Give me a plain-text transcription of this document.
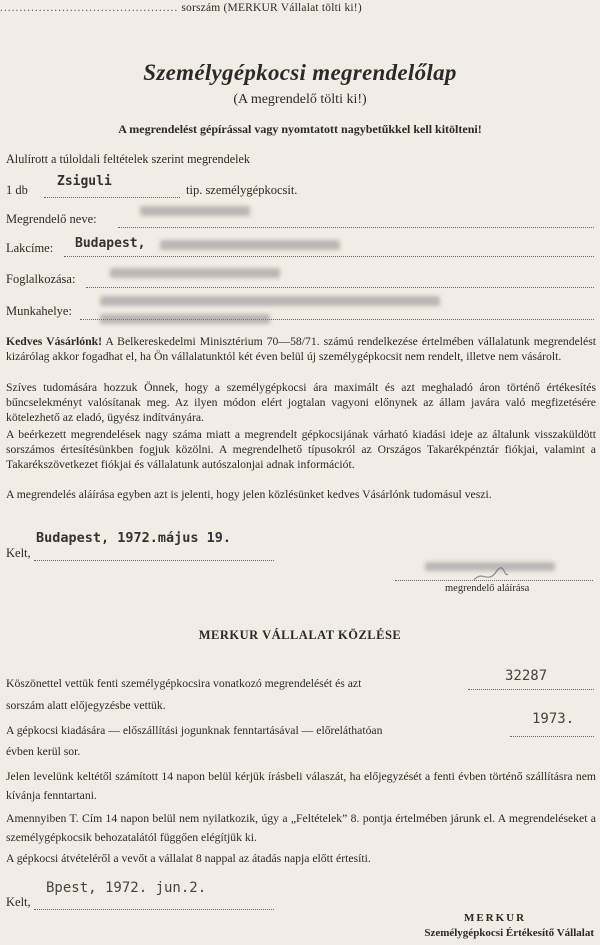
.............................................. sorszám (MERKUR Vállalat tölti ki!)
Személygépkocsi megrendelőlap
(A megrendelő tölti ki!)
A megrendelést gépírással vagy nyomtatott nagybetűkkel kell kitölteni!
Alulírott a túloldali feltételek szerint megrendelek
1 db
Zsiguli
tip. személygépkocsit.
Megrendelő neve:
Lakcíme: Budapest,
Foglalkozása:
Munkahelye:
Kedves Vásárlónk! A Belkereskedelmi Minisztérium 70—58/71. számú rendelkezése értelmében vállalatunk megrendelést kizárólag akkor fogadhat el, ha Ön vállalatunktól két éven belül új személygépkocsit nem rendelt, illetve nem vásárolt.
Szíves tudomására hozzuk Önnek, hogy a személygépkocsi ára maximált és azt meghaladó áron történő értékesítés bűncselekményt valósítanak meg. Az ilyen módon elért jogtalan vagyoni előnynek az állam javára való megfizetésére kötelezhető az eladó, ügyész indítványára.
A beérkezett megrendelések nagy száma miatt a megrendelt gépkocsijának várható kiadási ideje az általunk visszaküldött sorszámos értesítésünkben fogjuk közölni. A megrendelhető típusokról az Országos Takarékpénztár fiókjai, valamint a Takarékszövetkezet fiókjai és vállalatunk autószalonjai adnak információt.
A megrendelés aláírása egyben azt is jelenti, hogy jelen közlésünket kedves Vásárlónk tudomásul veszi.
Kelt,
Budapest, 1972.május 19.
megrendelő aláírása
MERKUR VÁLLALAT KÖZLÉSE
Köszönettel vettük fenti személygépkocsira vonatkozó megrendelését és azt	32287
sorszám alatt előjegyzésbe vettük.
A gépkocsi kiadására — előszállítási jogunknak fenntartásával — előreláthatóan
1973.
évben kerül sor.
Jelen levelünk keltétől számított 14 napon belül kérjük írásbeli válaszát, ha előjegyzését a fenti évben történő szállításra nem kívánja fenntartani.
Amennyiben T. Cím 14 napon belül nem nyilatkozik, úgy a „Feltételek” 8. pontja értelmében járunk el. A megrendeléseket a személygépkocsik behozatalától függően elégítjük ki.
A gépkocsi átvételéről a vevőt a vállalat 8 nappal az átadás napja előtt értesíti.
Kelt,
Bpest, 1972. jun.2.
MERKUR
Személygépkocsi Értékesítő Vállalat
